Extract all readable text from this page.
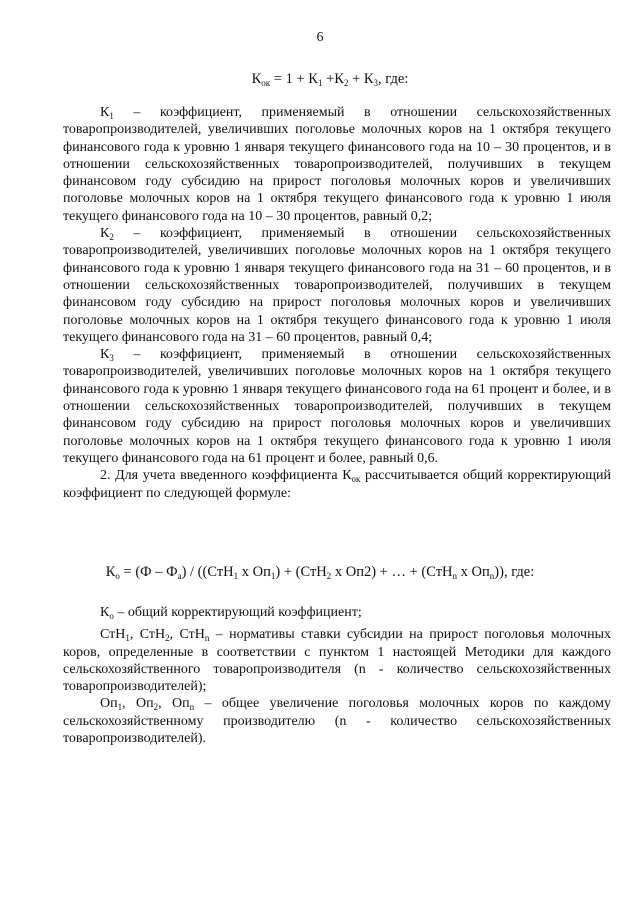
6
$К_{ок} = 1 + К_1 +К_2 + К_3$, где:

$К_1$ – коэффициент, применяемый в отношении сельскохозяйственных товаропроизводителей, увеличивших поголовье молочных коров на 1 октября текущего финансового года к уровню 1 января текущего финансового года на 10 – 30 процентов, и в отношении сельскохозяйственных товаропроизводителей, получивших в текущем финансовом году субсидию на прирост поголовья молочных коров и увеличивших поголовье молочных коров на 1 октября текущего финансового года к уровню 1 июля текущего финансового года на 10 – 30 процентов, равный 0,2;

$К_2$ – коэффициент, применяемый в отношении сельскохозяйственных товаропроизводителей, увеличивших поголовье молочных коров на 1 октября текущего финансового года к уровню 1 января текущего финансового года на 31 – 60 процентов, и в отношении сельскохозяйственных товаропроизводителей, получивших в текущем финансовом году субсидию на прирост поголовья молочных коров и увеличивших поголовье молочных коров на 1 октября текущего финансового года к уровню 1 июля текущего финансового года на 31 – 60 процентов, равный 0,4;

$К_3$ – коэффициент, применяемый в отношении сельскохозяйственных товаропроизводителей, увеличивших поголовье молочных коров на 1 октября текущего финансового года к уровню 1 января текущего финансового года на 61 процент и более, и в отношении сельскохозяйственных товаропроизводителей, получивших в текущем финансовом году субсидию на прирост поголовья молочных коров и увеличивших поголовье молочных коров на 1 октября текущего финансового года к уровню 1 июля текущего финансового года на 61 процент и более, равный 0,6.

2. Для учета введенного коэффициента $К_{ок}$ рассчитывается общий корректирующий коэффициент по следующей формуле:

$К_о = (Ф - Ф_а) / ((СтН_1$ х $Оп_1) + (СтН_2$ х Оп2) + … + (СтН$_n$ х $Оп_n$)), где:

$К_о$ – общий корректирующий коэффициент;

СтН$_1$, СтН$_2$, СтН$_n$ – нормативы ставки субсидии на прирост поголовья молочных коров, определенные в соответствии с пунктом 1 настоящей Методики для каждого сельскохозяйственного товаропроизводителя (n - количество сельскохозяйственных товаропроизводителей);

$Оп_1$, $Оп_2$, $Оп_n$ – общее увеличение поголовья молочных коров по каждому сельскохозяйственному производителю (n - количество сельскохозяйственных товаропроизводителей).
